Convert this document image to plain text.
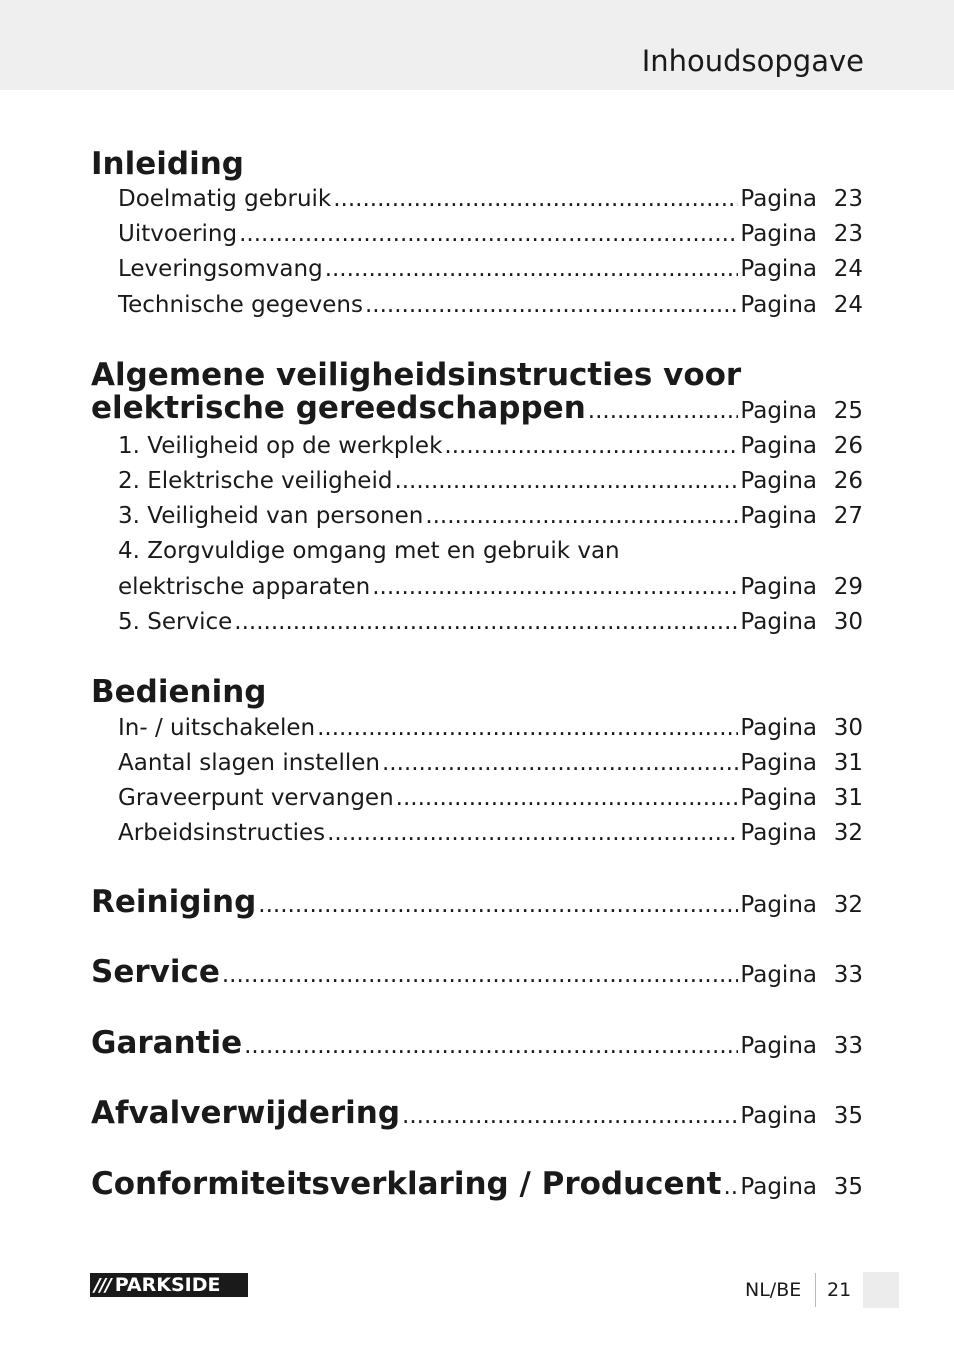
Inhoudsopgave
Inleiding
Doelmatig gebruik .....	Pagina 23
Uitvoering .....	Pagina 23
Leveringsomvang .....	Pagina 24
Technische gegevens .....	Pagina 24
Algemene veiligheidsinstructies voor
elektrische gereedschappen .....	Pagina 25
1. Veiligheid op de werkplek .....	Pagina 26
2. Elektrische veiligheid .....	Pagina 26
3. Veiligheid van personen .....	Pagina 27
4. Zorgvuldige omgang met en gebruik van
elektrische apparaten .....	Pagina 29
5. Service .....	Pagina 30
Bediening
In- / uitschakelen .....	Pagina 30
Aantal slagen instellen .....	Pagina 31
Graveerpunt vervangen .....	Pagina 31
Arbeidsinstructies .....	Pagina 32
Reiniging .....	Pagina 32
Service .....	Pagina 33
Garantie .....	Pagina 33
Afvalverwijdering .....	Pagina 35
Conformiteitsverklaring / Producent ..... Pagina 35
/// PARKSIDE	NL/BE 21
